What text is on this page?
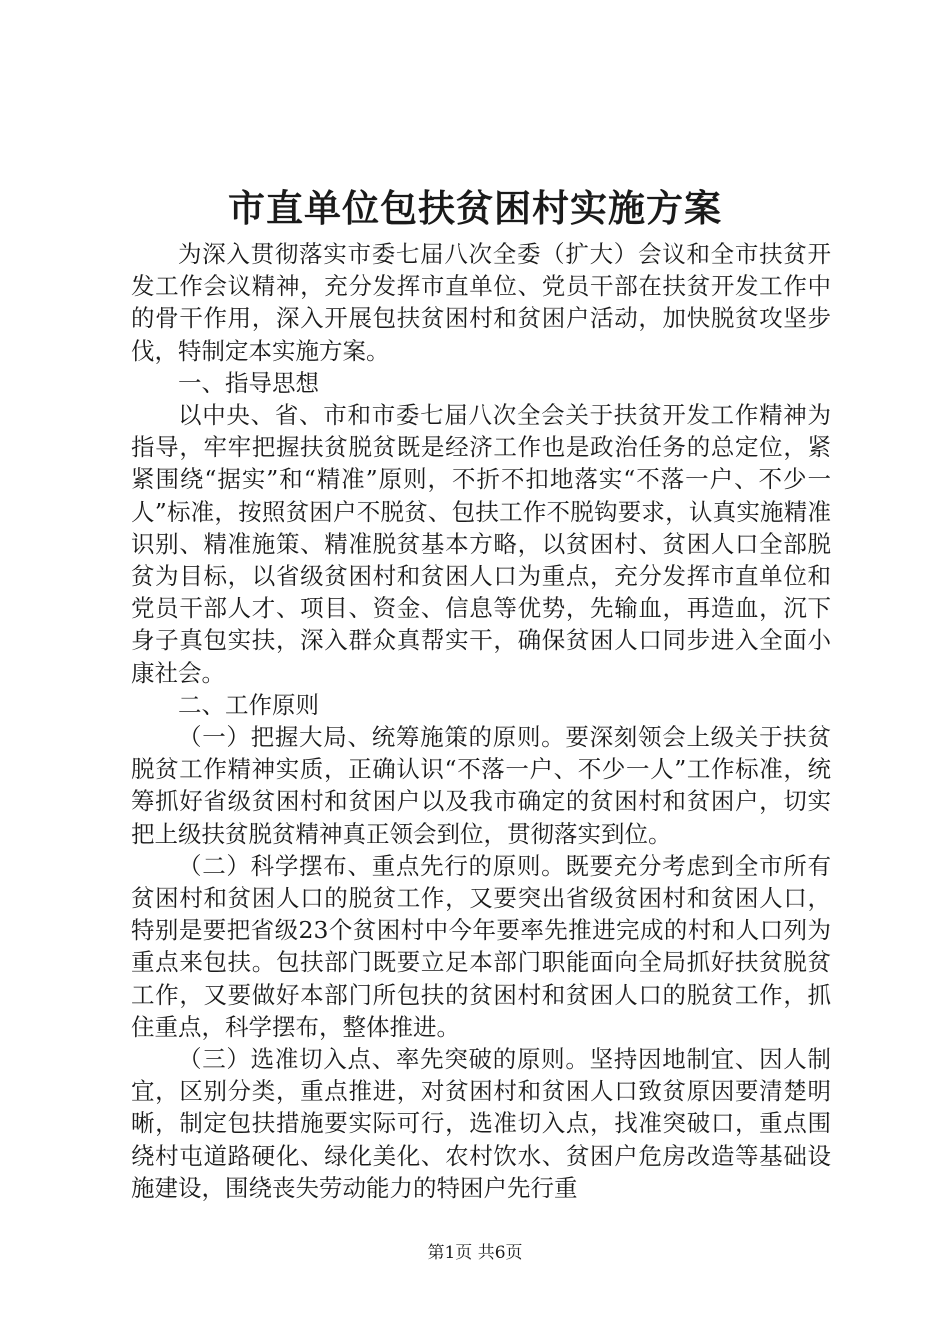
市直单位包扶贫困村实施方案

为深入贯彻落实市委七届八次全委（扩大）会议和全市扶贫开发工作会议精神，充分发挥市直单位、党员干部在扶贫开发工作中的骨干作用，深入开展包扶贫困村和贫困户活动，加快脱贫攻坚步伐，特制定本实施方案。

一、指导思想

以中央、省、市和市委七届八次全会关于扶贫开发工作精神为指导，牢牢把握扶贫脱贫既是经济工作也是政治任务的总定位，紧紧围绕“据实”和“精准”原则，不折不扣地落实“不落一户、不少一人”标准，按照贫困户不脱贫、包扶工作不脱钩要求，认真实施精准识别、精准施策、精准脱贫基本方略，以贫困村、贫困人口全部脱贫为目标，以省级贫困村和贫困人口为重点，充分发挥市直单位和党员干部人才、项目、资金、信息等优势，先输血，再造血，沉下身子真包实扶，深入群众真帮实干，确保贫困人口同步进入全面小康社会。

二、工作原则

（一）把握大局、统筹施策的原则。要深刻领会上级关于扶贫脱贫工作精神实质，正确认识“不落一户、不少一人”工作标准，统筹抓好省级贫困村和贫困户以及我市确定的贫困村和贫困户，切实把上级扶贫脱贫精神真正领会到位，贯彻落实到位。

（二）科学摆布、重点先行的原则。既要充分考虑到全市所有贫困村和贫困人口的脱贫工作，又要突出省级贫困村和贫困人口，特别是要把省级23个贫困村中今年要率先推进完成的村和人口列为重点来包扶。包扶部门既要立足本部门职能面向全局抓好扶贫脱贫工作，又要做好本部门所包扶的贫困村和贫困人口的脱贫工作，抓住重点，科学摆布，整体推进。

（三）选准切入点、率先突破的原则。坚持因地制宜、因人制宜，区别分类，重点推进，对贫困村和贫困人口致贫原因要清楚明晰，制定包扶措施要实际可行，选准切入点，找准突破口，重点围绕村屯道路硬化、绿化美化、农村饮水、贫困户危房改造等基础设施建设，围绕丧失劳动能力的特困户先行重

第1页 共6页
